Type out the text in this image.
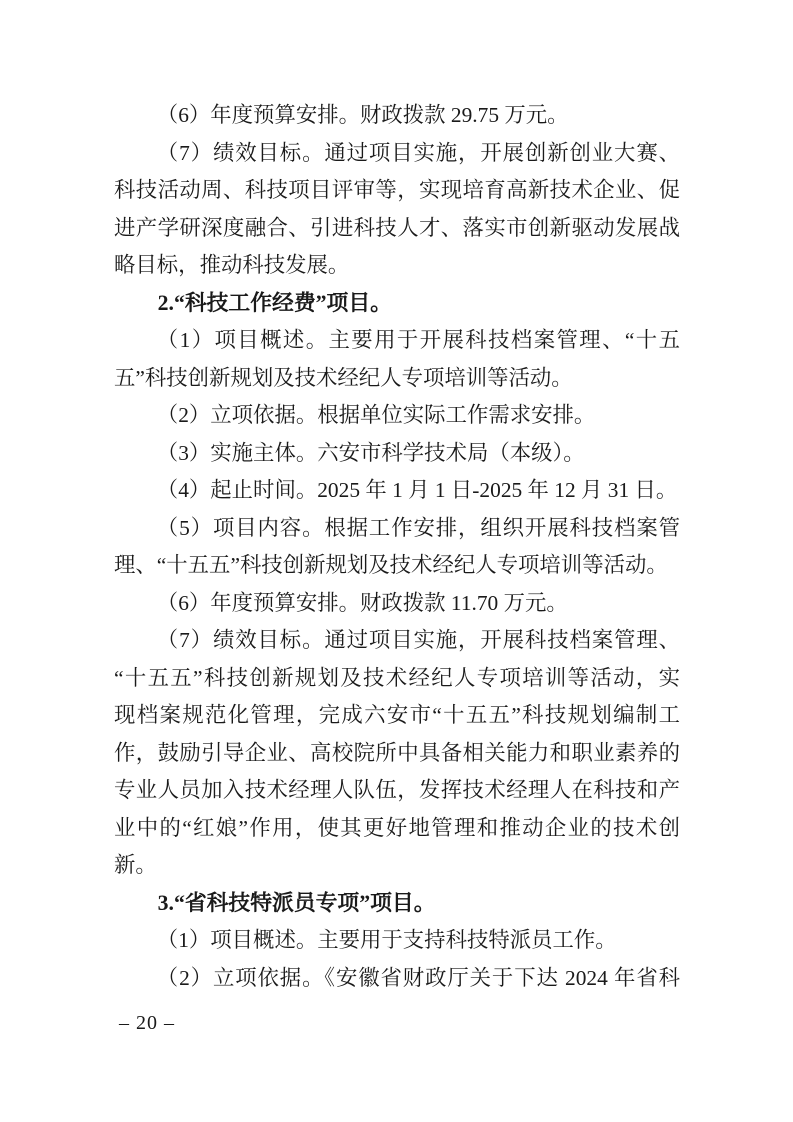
（6）年度预算安排。财政拨款 29.75 万元。
（7）绩效目标。通过项目实施，开展创新创业大赛、
科技活动周、科技项目评审等，实现培育高新技术企业、促
进产学研深度融合、引进科技人才、落实市创新驱动发展战
略目标，推动科技发展。
2.“科技工作经费”项目。
（1）项目概述。主要用于开展科技档案管理、“十五
五”科技创新规划及技术经纪人专项培训等活动。
（2）立项依据。根据单位实际工作需求安排。
（3）实施主体。六安市科学技术局（本级）。
（4）起止时间。2025 年 1 月 1 日-2025 年 12 月 31 日。
（5）项目内容。根据工作安排，组织开展科技档案管
理、“十五五”科技创新规划及技术经纪人专项培训等活动。
（6）年度预算安排。财政拨款 11.70 万元。
（7）绩效目标。通过项目实施，开展科技档案管理、
“十五五”科技创新规划及技术经纪人专项培训等活动，实
现档案规范化管理，完成六安市“十五五”科技规划编制工
作，鼓励引导企业、高校院所中具备相关能力和职业素养的
专业人员加入技术经理人队伍，发挥技术经理人在科技和产
业中的“红娘”作用，使其更好地管理和推动企业的技术创
新。
3.“省科技特派员专项”项目。
（1）项目概述。主要用于支持科技特派员工作。
（2）立项依据。《安徽省财政厅关于下达 2024 年省科
– 20 –
